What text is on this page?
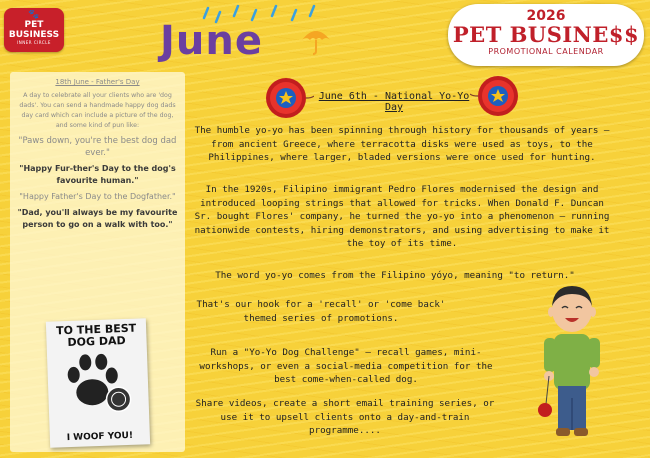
🐾
PET
BUSINESS
INNER CIRCLE	June
2026
PET BUSINE$$
PROMOTIONAL CALENDAR
18th June - Father's Day
A day to celebrate all your clients who are 'dog dads'. You can send a handmade happy dog dads day card which can include a picture of the dog, and some kind of pun like:
"Paws down, you're the best dog dad ever."
"Happy Fur-ther's Day to the dog's favourite human."
"Happy Father's Day to the Dogfather."
"Dad, you'll always be my favourite person to go on a walk with too."
TO THE BEST DOG DAD
I WOOF YOU!
June 6th - National Yo-Yo Day
The humble yo-yo has been spinning through history for thousands of years — from ancient Greece, where terracotta disks were used as toys, to the Philippines, where larger, bladed versions were once used for hunting.
In the 1920s, Filipino immigrant Pedro Flores modernised the design and introduced looping strings that allowed for tricks. When Donald F. Duncan Sr. bought Flores' company, he turned the yo-yo into a phenomenon — running nationwide contests, hiring demonstrators, and using advertising to make it the toy of its time.
The word yo-yo comes from the Filipino yóyo, meaning "to return."
That's our hook for a 'recall' or 'come back' themed series of promotions.
Run a "Yo-Yo Dog Challenge" — recall games, mini-workshops, or even a social-media competition for the best come-when-called dog.
Share videos, create a short email training series, or use it to upsell clients onto a day-and-train programme....
